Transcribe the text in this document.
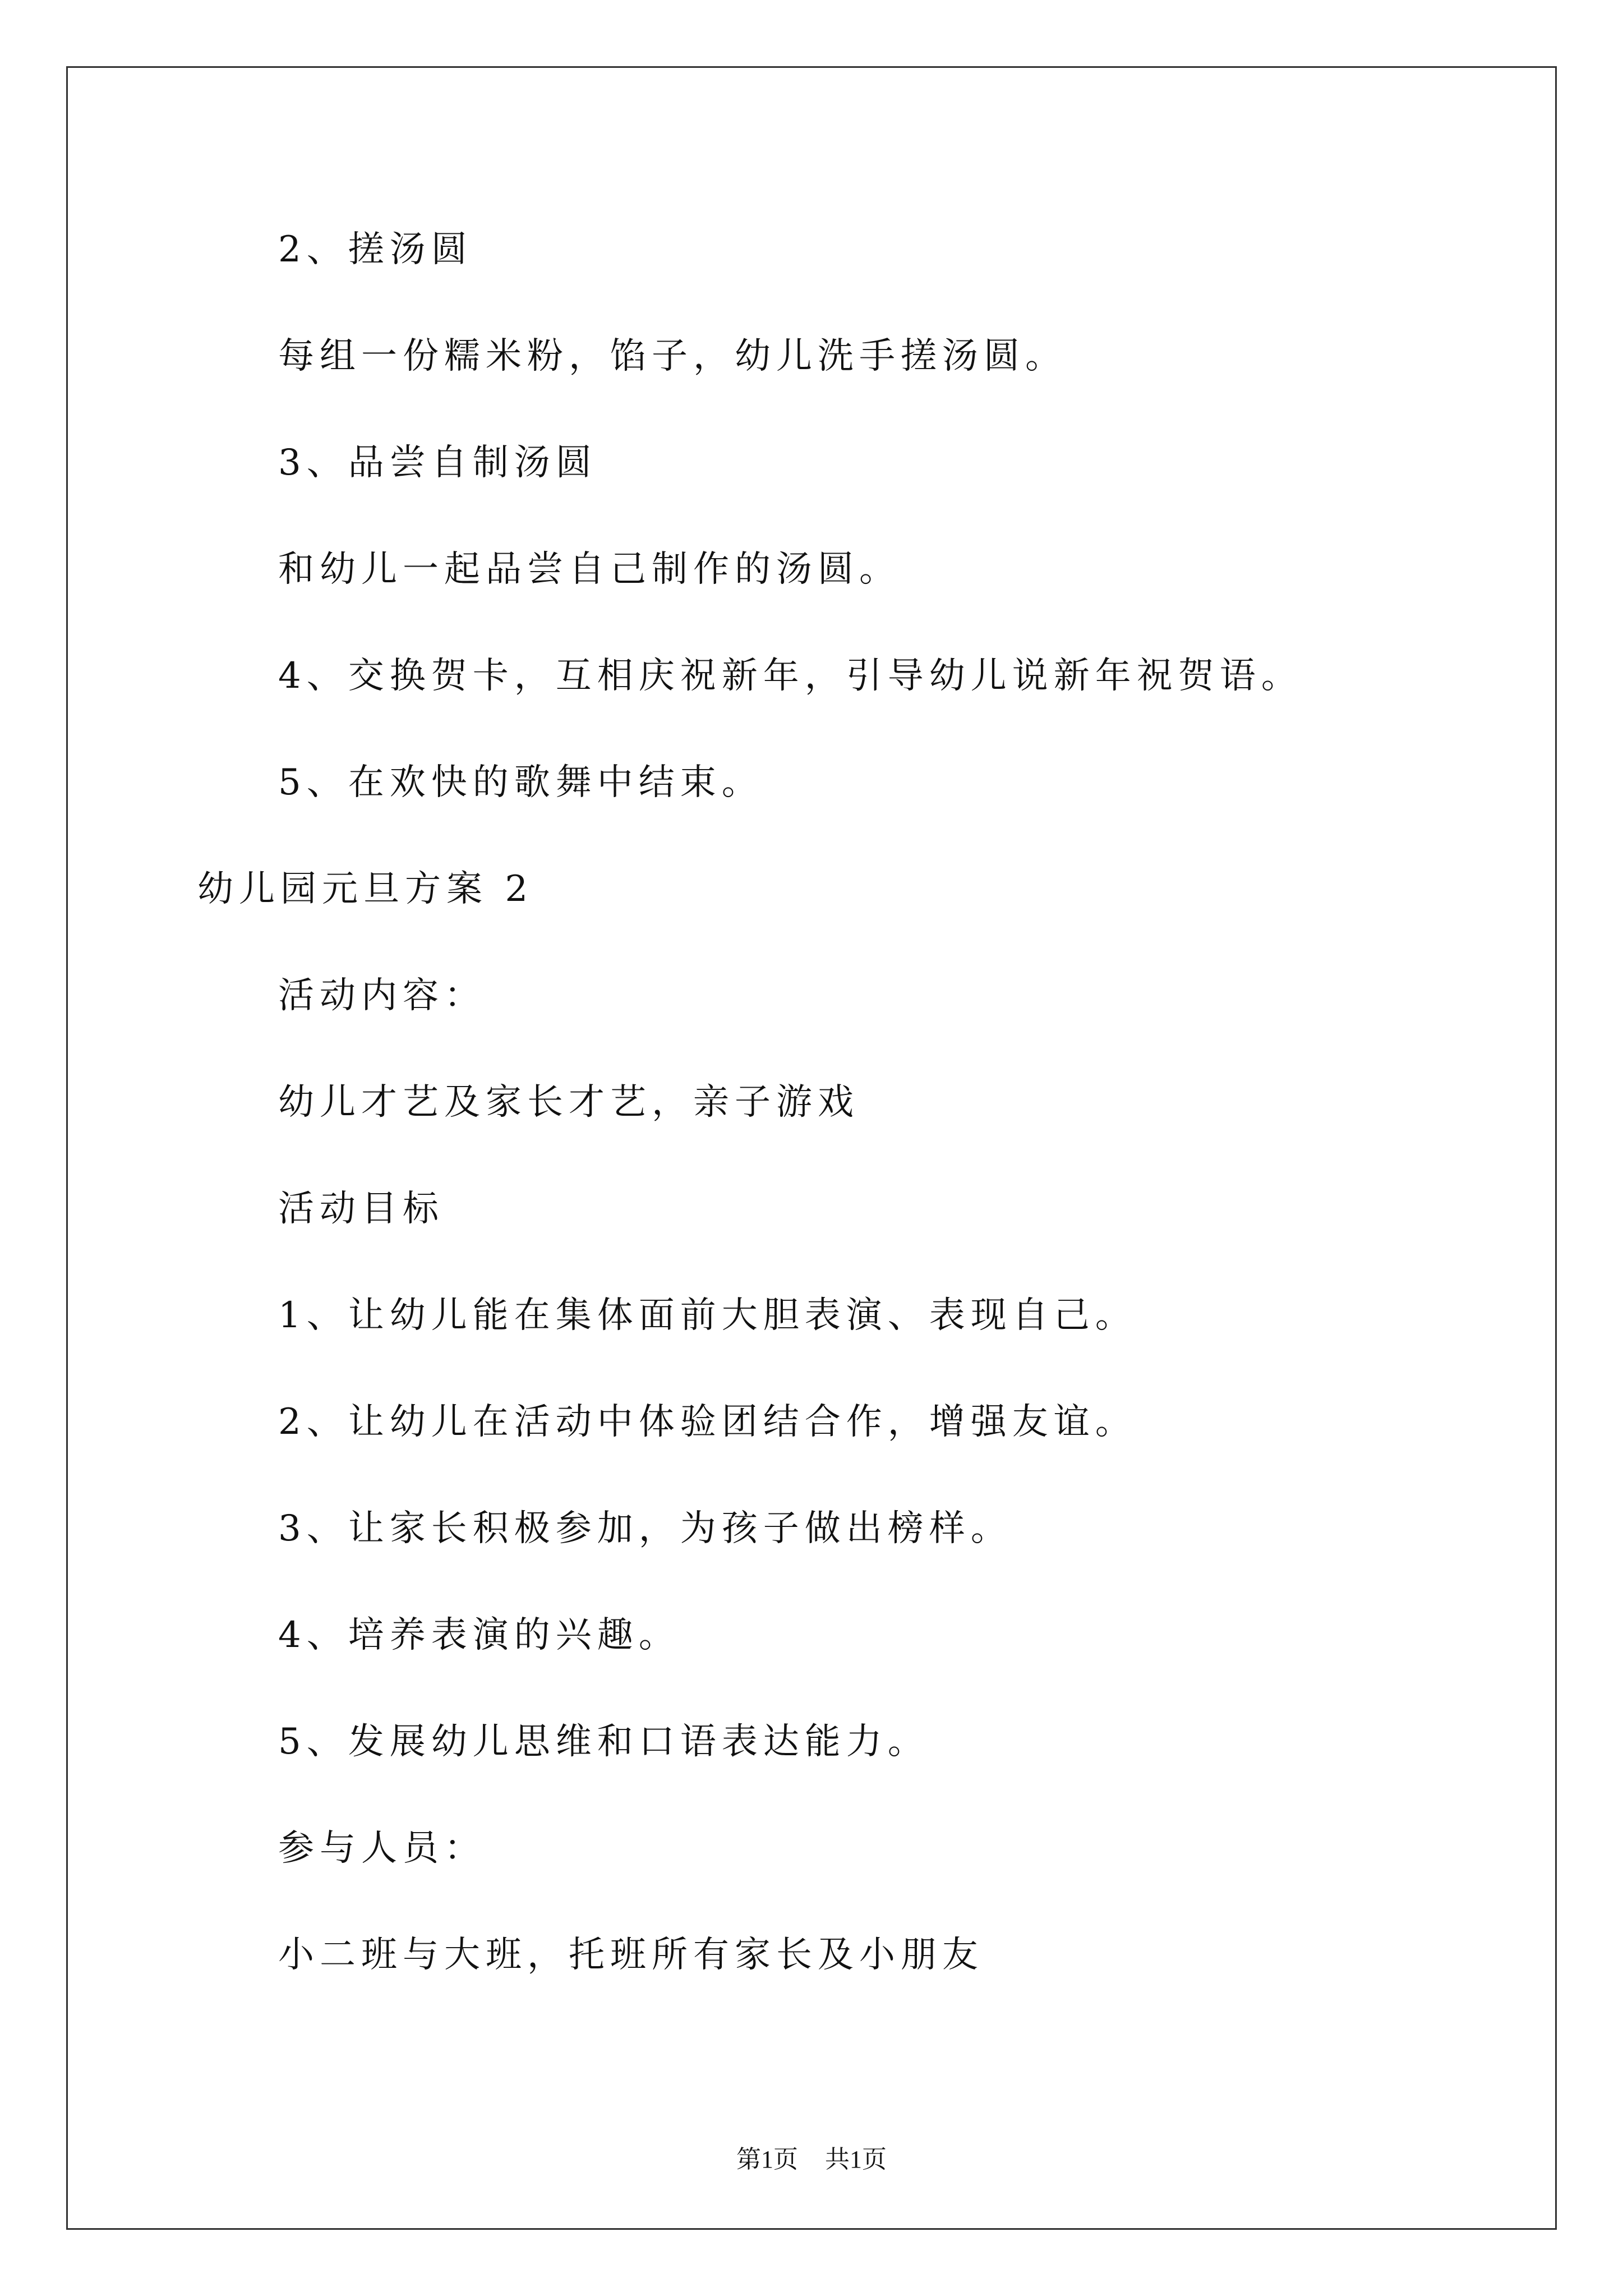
2、搓汤圆
每组一份糯米粉，馅子，幼儿洗手搓汤圆。
3、品尝自制汤圆
和幼儿一起品尝自己制作的汤圆。
4、交换贺卡，互相庆祝新年，引导幼儿说新年祝贺语。
5、在欢快的歌舞中结束。
幼儿园元旦方案 2
活动内容：
幼儿才艺及家长才艺，亲子游戏
活动目标
1、让幼儿能在集体面前大胆表演、表现自己。
2、让幼儿在活动中体验团结合作，增强友谊。
3、让家长积极参加，为孩子做出榜样。
4、培养表演的兴趣。
5、发展幼儿思维和口语表达能力。
参与人员：
小二班与大班，托班所有家长及小朋友
第1页 共1页
